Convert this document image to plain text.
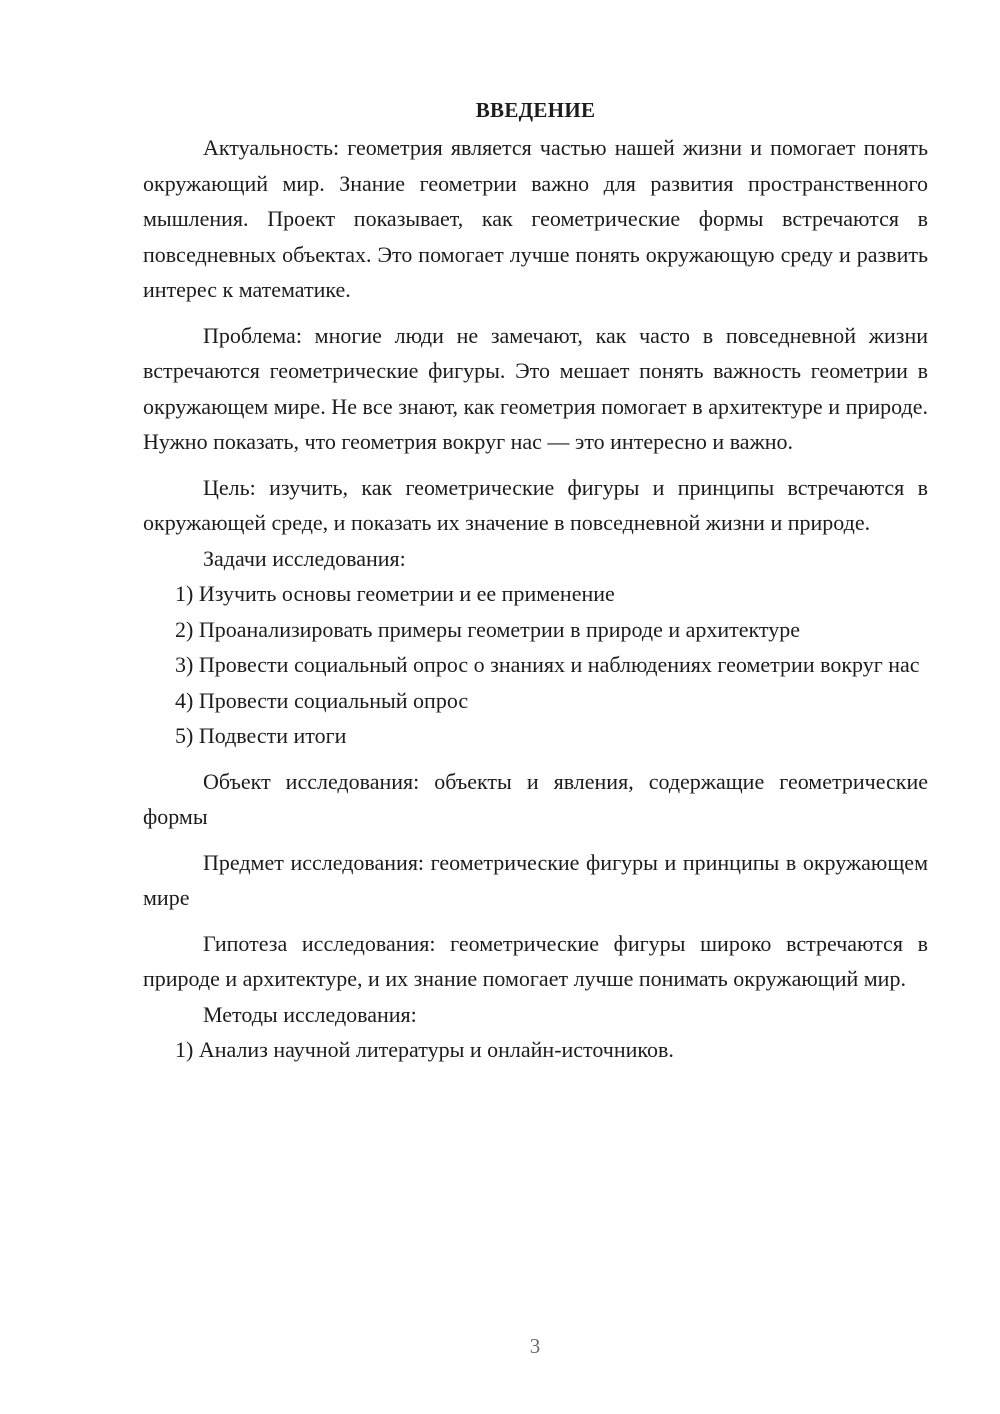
ВВЕДЕНИЕ

Актуальность: геометрия является частью нашей жизни и помогает понять окружающий мир. Знание геометрии важно для развития пространственного мышления. Проект показывает, как геометрические формы встречаются в повседневных объектах. Это помогает лучше понять окружающую среду и развить интерес к математике.

Проблема: многие люди не замечают, как часто в повседневной жизни встречаются геометрические фигуры. Это мешает понять важность геометрии в окружающем мире. Не все знают, как геометрия помогает в архитектуре и природе. Нужно показать, что геометрия вокруг нас — это интересно и важно.

Цель: изучить, как геометрические фигуры и принципы встречаются в окружающей среде, и показать их значение в повседневной жизни и природе.

Задачи исследования:

1) Изучить основы геометрии и ее применение

2) Проанализировать примеры геометрии в природе и архитектуре

3) Провести социальный опрос о знаниях и наблюдениях геометрии вокруг нас

4) Провести социальный опрос

5) Подвести итоги

Объект исследования: объекты и явления, содержащие геометрические формы

Предмет исследования: геометрические фигуры и принципы в окружающем мире

Гипотеза исследования: геометрические фигуры широко встречаются в природе и архитектуре, и их знание помогает лучше понимать окружающий мир.

Методы исследования:

1) Анализ научной литературы и онлайн-источников.

3
